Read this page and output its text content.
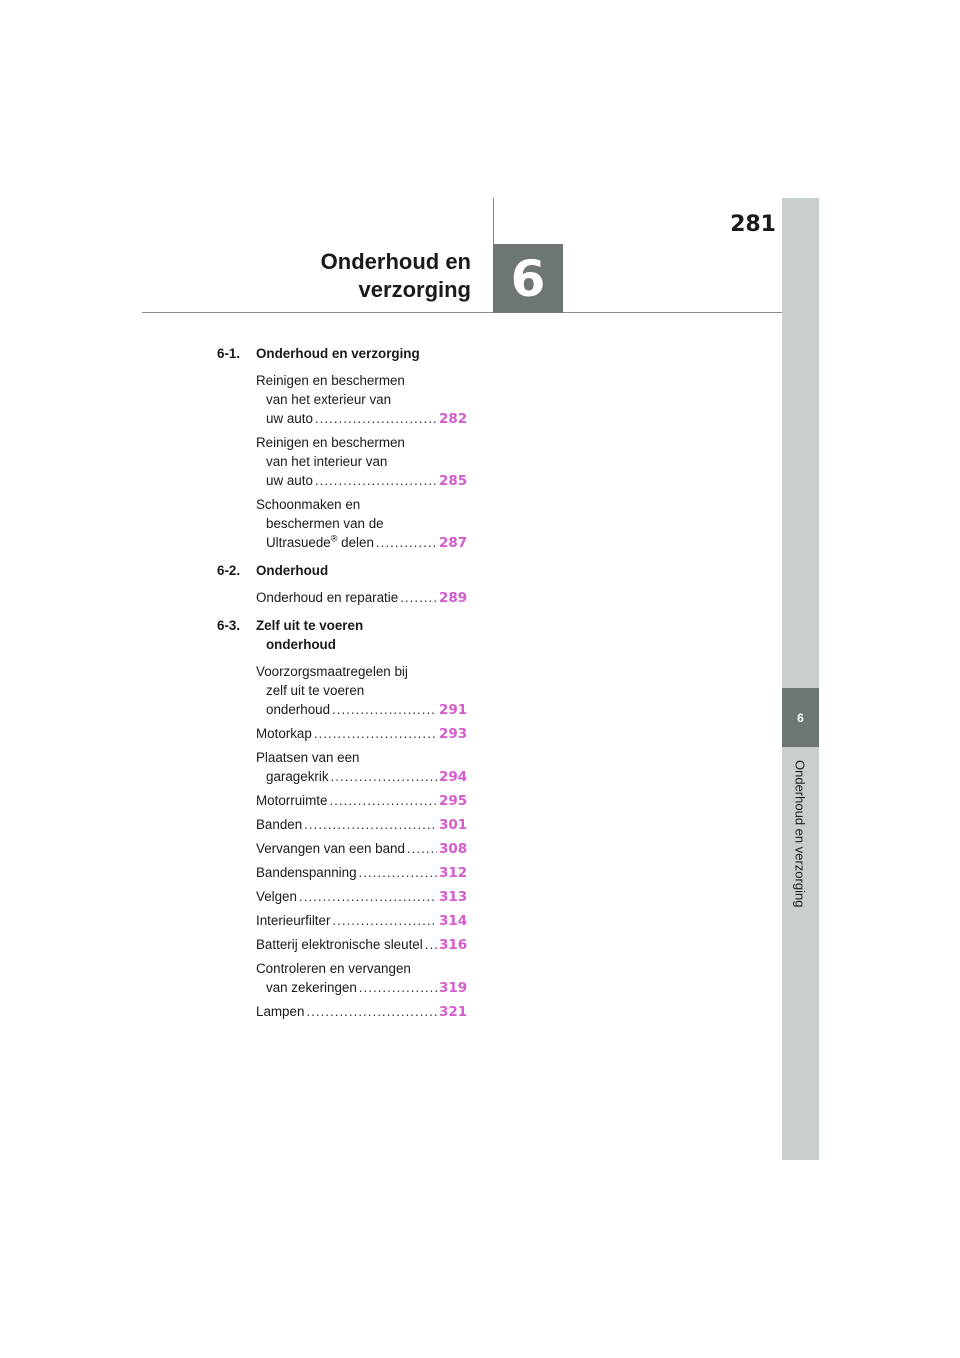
281
Onderhoud en
verzorging 6
6
Onderhoud en verzorging
6-1. Onderhoud en verzorging
Reinigen en beschermen
van het exterieur van
uw auto .....	282
Reinigen en beschermen
van het interieur van
uw auto .....	285
Schoonmaken en
beschermen van de
Ultrasuede® delen .....	287
6-2. Onderhoud
Onderhoud en reparatie .....	289
6-3. Zelf uit te voeren
onderhoud
Voorzorgsmaatregelen bij
zelf uit te voeren
onderhoud .....	291
Motorkap .....	293
Plaatsen van een
garagekrik .....	294
Motorruimte .....	295
Banden .....	301
Vervangen van een band .....	308
Bandenspanning .....	312
Velgen .....	313
Interieurfilter .....	314
Batterij elektronische sleutel ..... 316
Controleren en vervangen
van zekeringen .....	319
Lampen .....	321
